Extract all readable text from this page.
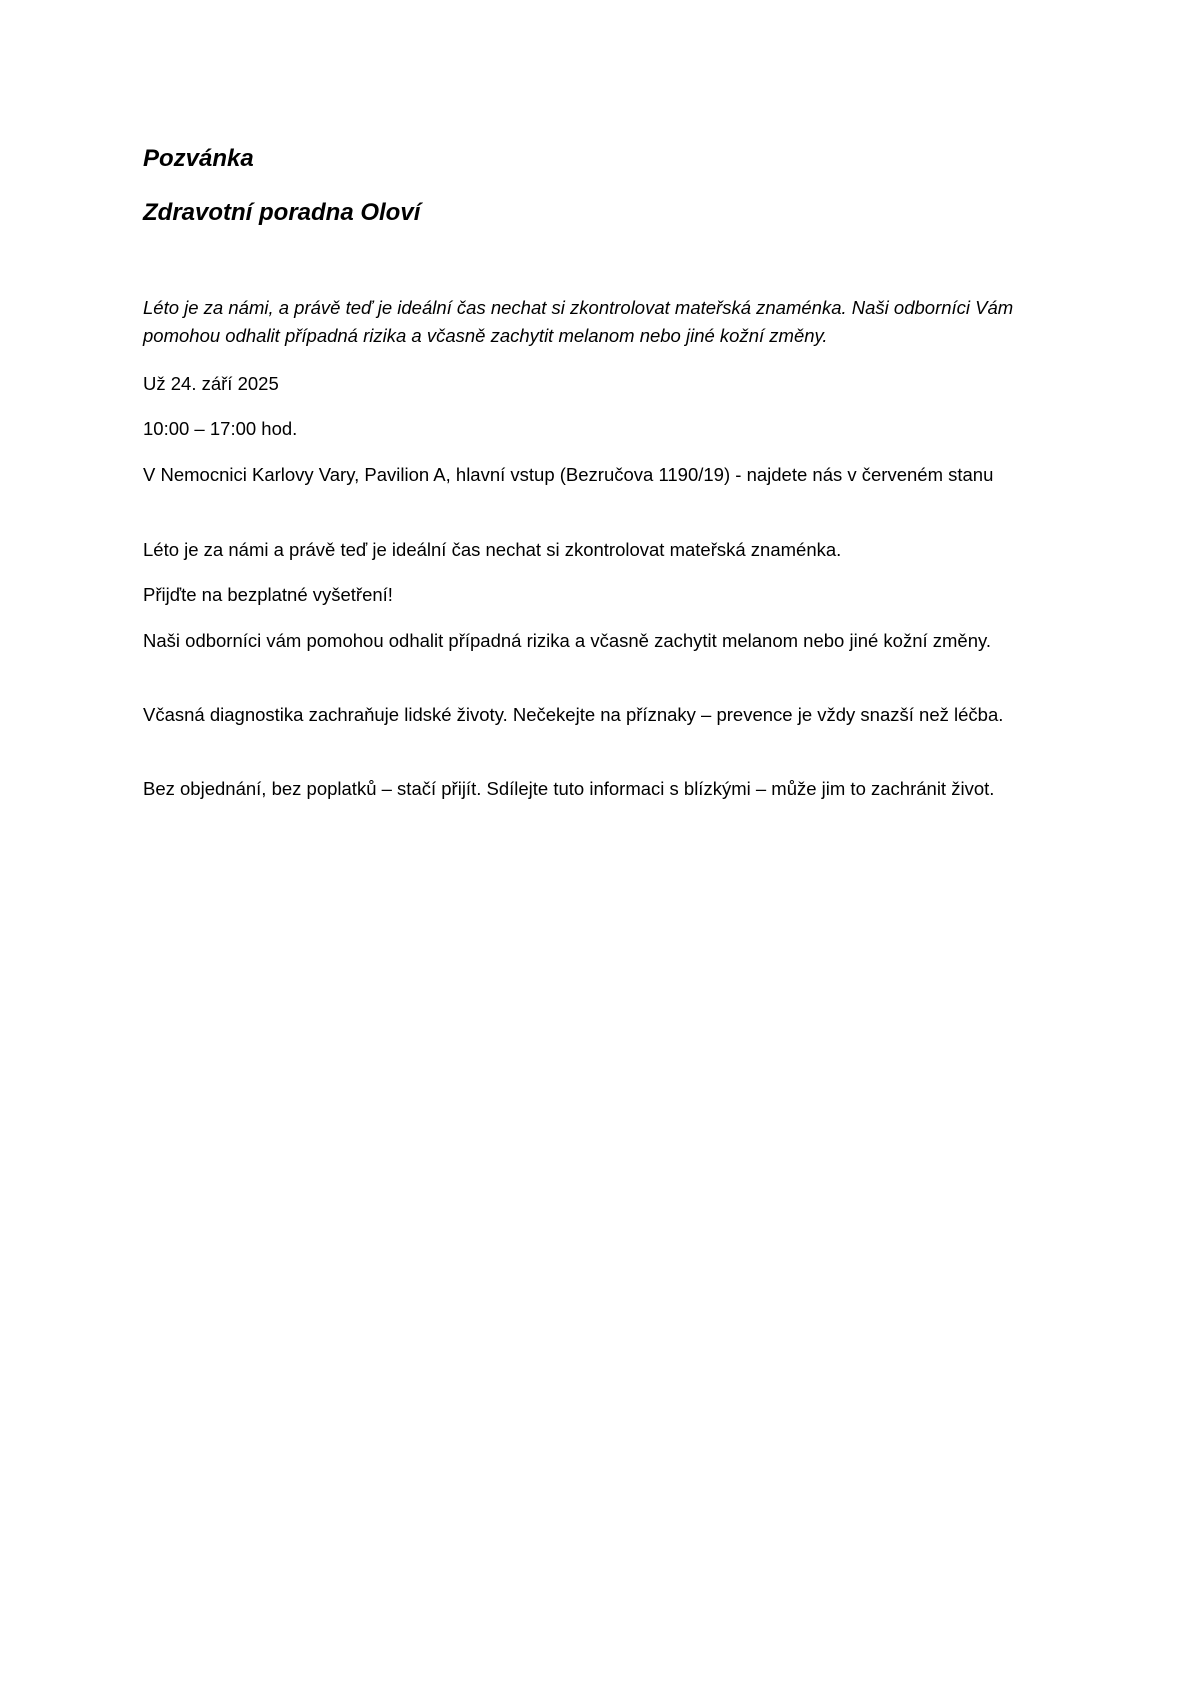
Pozvánka
Zdravotní poradna Oloví

Léto je za námi, a právě teď je ideální čas nechat si zkontrolovat mateřská znaménka. Naši odborníci Vám pomohou odhalit případná rizika a včasně zachytit melanom nebo jiné kožní změny.

Už 24. září 2025

10:00 – 17:00 hod.

V Nemocnici Karlovy Vary, Pavilion A, hlavní vstup (Bezručova 1190/19) - najdete nás v červeném stanu

Léto je za námi a právě teď je ideální čas nechat si zkontrolovat mateřská znaménka.

Přijďte na bezplatné vyšetření!

Naši odborníci vám pomohou odhalit případná rizika a včasně zachytit melanom nebo jiné kožní změny.

Včasná diagnostika zachraňuje lidské životy. Nečekejte na příznaky – prevence je vždy snazší než léčba.

Bez objednání, bez poplatků – stačí přijít. Sdílejte tuto informaci s blízkými – může jim to zachránit život.
